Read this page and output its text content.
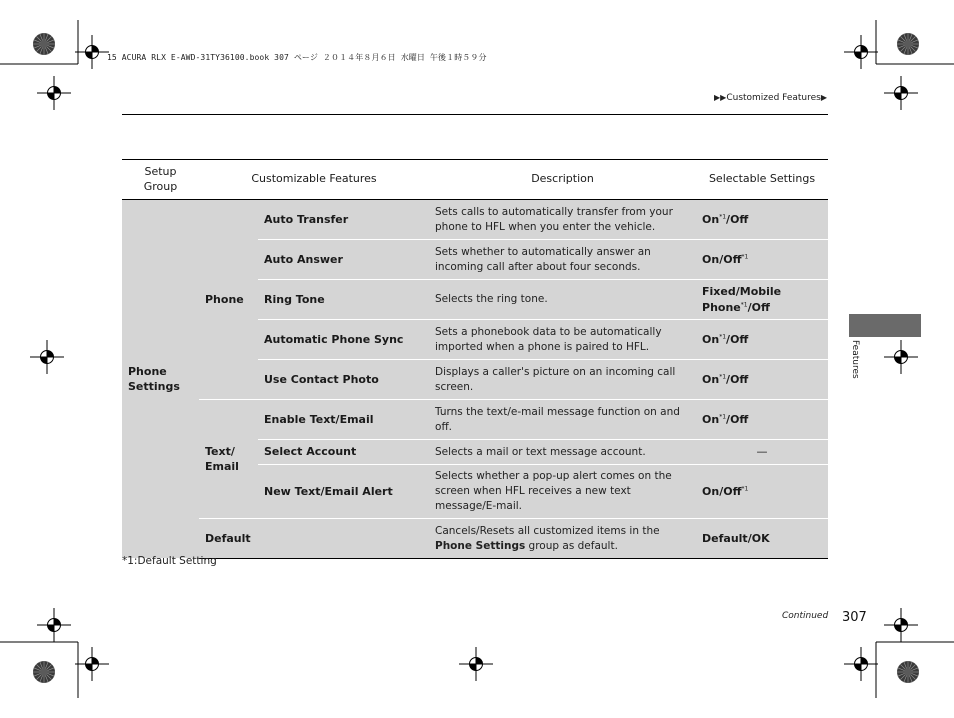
15 ACURA RLX E-AWD-31TY36100.book 307 ページ ２０１４年８月６日 水曜日 午後１時５９分
▶▶Customized Features▶
Setup Group	Customizable Features		Description	Selectable Settings
Phone Settings	Phone	Auto Transfer	Sets calls to automatically transfer from your phone to HFL when you enter the vehicle.	On$^{*1}$/Off
		Auto Answer	Sets whether to automatically answer an incoming call after about four seconds.	On/Off$^{*1}$
		Ring Tone	Selects the ring tone.	Fixed/Mobile Phone$^{*1}$/Off
		Automatic Phone Sync	Sets a phonebook data to be automatically imported when a phone is paired to HFL.	On$^{*1}$/Off
		Use Contact Photo	Displays a caller's picture on an incoming call screen.	On$^{*1}$/Off
	Text/ Email	Enable Text/Email	Turns the text/e-mail message function on and off.	On$^{*1}$/Off
		Select Account	Selects a mail or text message account.	—
		New Text/Email Alert	Selects whether a pop-up alert comes on the screen when HFL receives a new text message/E-mail.	On/Off$^{*1}$
	Default		Cancels/Resets all customized items in the Phone Settings group as default.	Default/OK
*1:Default Setting
Continued 307
Features
